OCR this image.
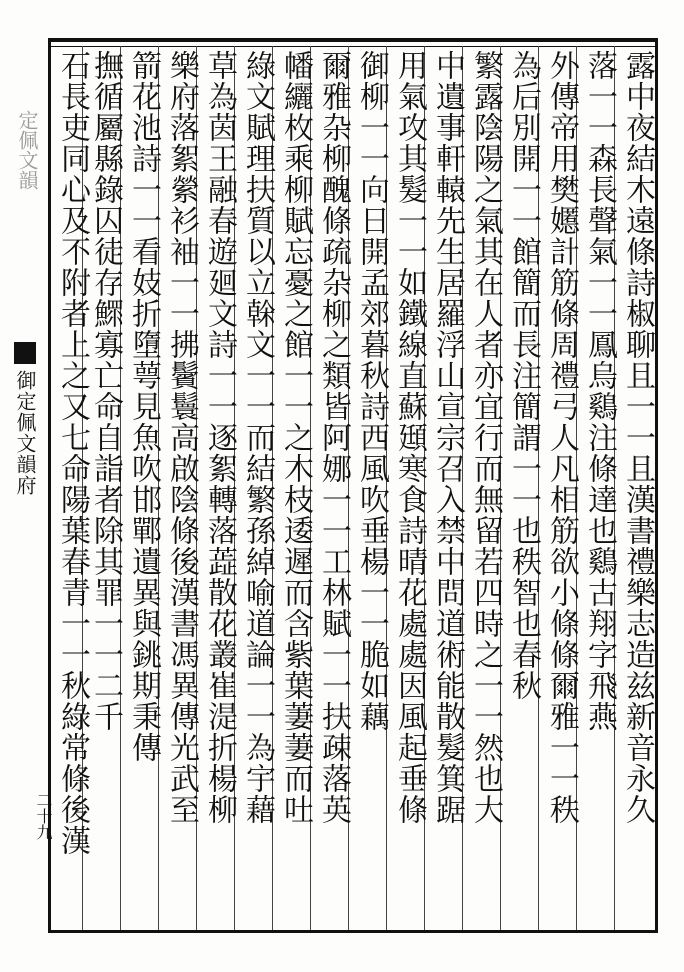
定佩文韻
御定佩文韻府
二十九	露中夜結木遠條詩椒聊且一一且漢書禮樂志造兹新音永久
落一一森長聲氣一一鳳烏鷄注條達也鷄古翔字飛燕
外傳帝用樊嬺計筋條周禮弓人凡相筋欲小條條爾雅一一秩
為后別開一一館簡而長注簡謂一一也秩智也春秋
繁露陰陽之氣其在人者亦宜行而無留若四時之一一然也大
中遺事軒轅先生居羅浮山宣宗召入禁中問道術能散髮箕踞
用氣攻其髮一一如鐵線直蘇頲寒食詩晴花處處因風起垂條
御柳一一向日開孟郊暮秋詩西風吹垂楊一一脆如藕
爾雅杂柳醜條疏杂柳之類皆阿娜一一工林賦一一扶疎落英
幡纚枚乘柳賦忘憂之館一一之木枝逶遲而含紫葉萋萋而吐
綠文賦理扶質以立榦文一一而結繁孫綽喻道論一一為宇藉
草為茵王融春遊廻文詩一一逐絮轉落蕋散花叢崔湜折楊柳
樂府落絮縈衫袖一一拂鬢鬟高啟陰條後漢書馮異傳光武至
箭花池詩一一看妓折墮萼見魚吹邯鄲遺異與銚期秉傳
撫循屬縣錄囚徒存鰥寡亡命自詣者除其罪一一二千
石長吏同心及不附者上之又七命陽葉春青一一秋綠常條後漢
